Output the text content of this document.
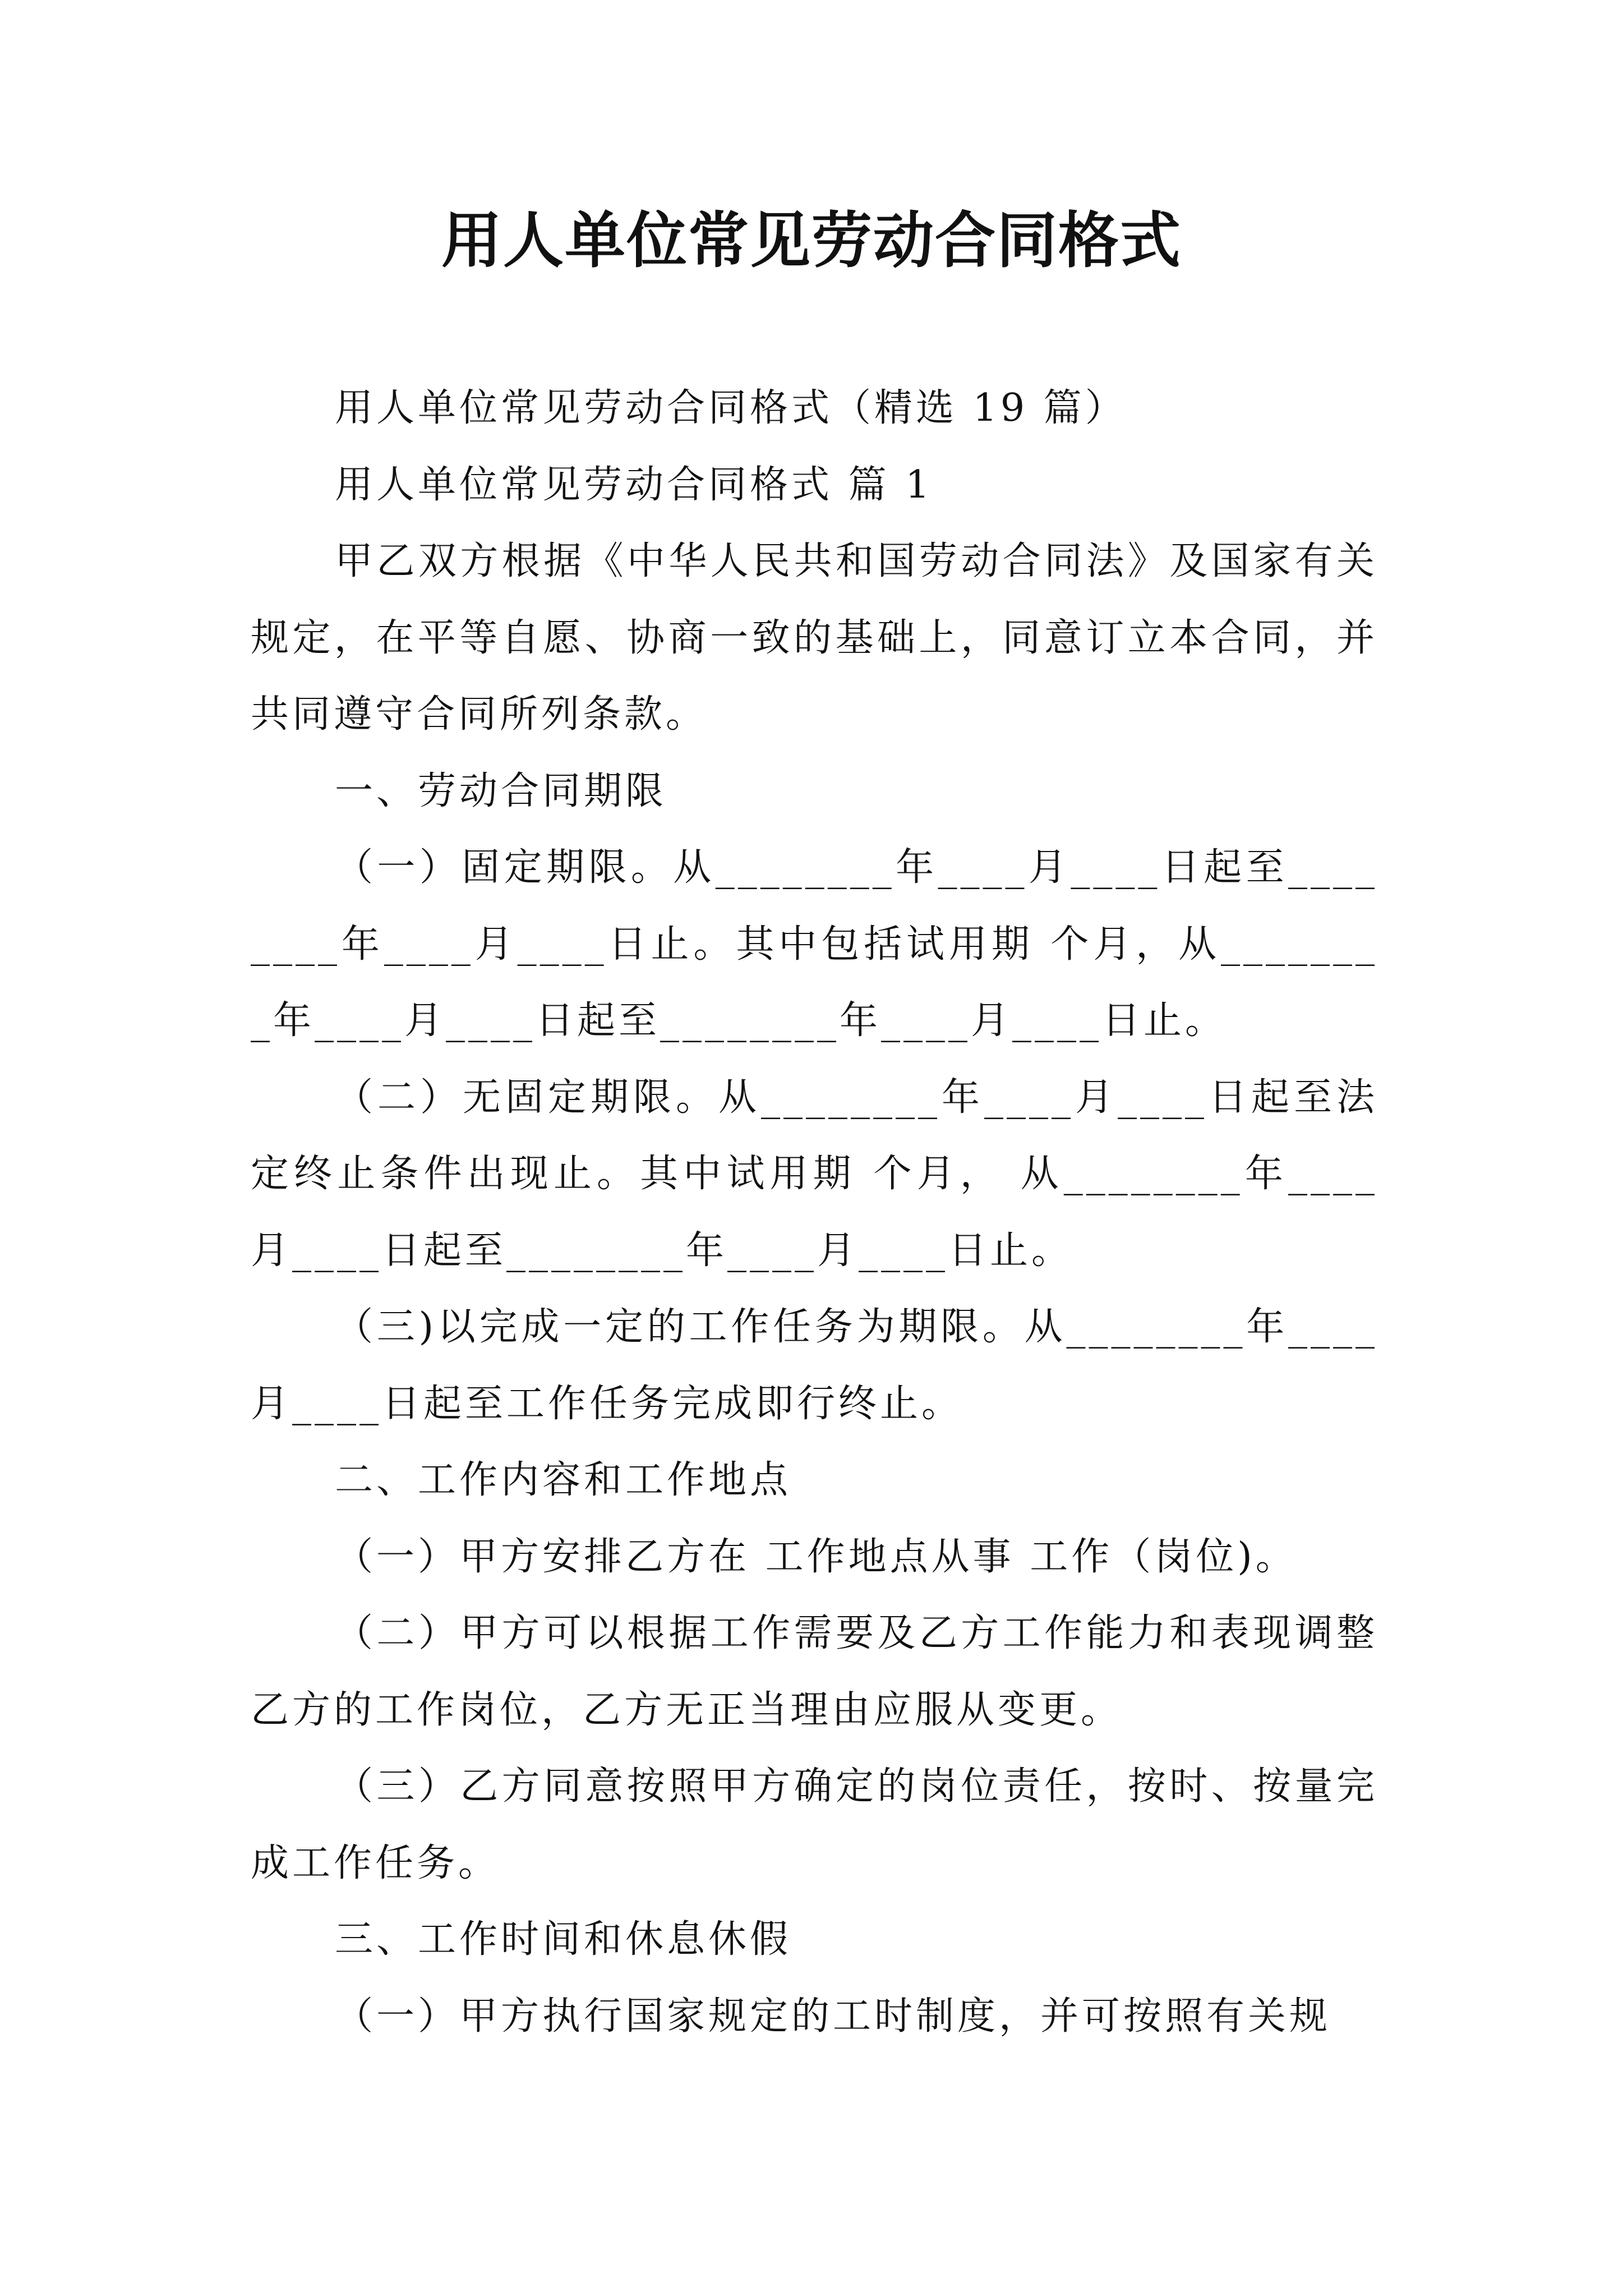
用人单位常见劳动合同格式

用人单位常见劳动合同格式（精选 19 篇）

用人单位常见劳动合同格式 篇 1

甲乙双方根据《中华人民共和国劳动合同法》及国家有关规定，在平等自愿、协商一致的基础上，同意订立本合同，并共同遵守合同所列条款。

一、劳动合同期限

（一）固定期限。从________年____月____日起至________年____月____日止。其中包括试用期 个月，从________年____月____日起至________年____月____日止。

（二）无固定期限。从________年____月____日起至法定终止条件出现止。其中试用期 个月， 从________年____月____日起至________年____月____日止。

（三)以完成一定的工作任务为期限。从________年____月____日起至工作任务完成即行终止。

二、工作内容和工作地点

（一）甲方安排乙方在 工作地点从事 工作（岗位)。

（二）甲方可以根据工作需要及乙方工作能力和表现调整乙方的工作岗位，乙方无正当理由应服从变更。

（三）乙方同意按照甲方确定的岗位责任，按时、按量完成工作任务。

三、工作时间和休息休假

（一）甲方执行国家规定的工时制度，并可按照有关规
